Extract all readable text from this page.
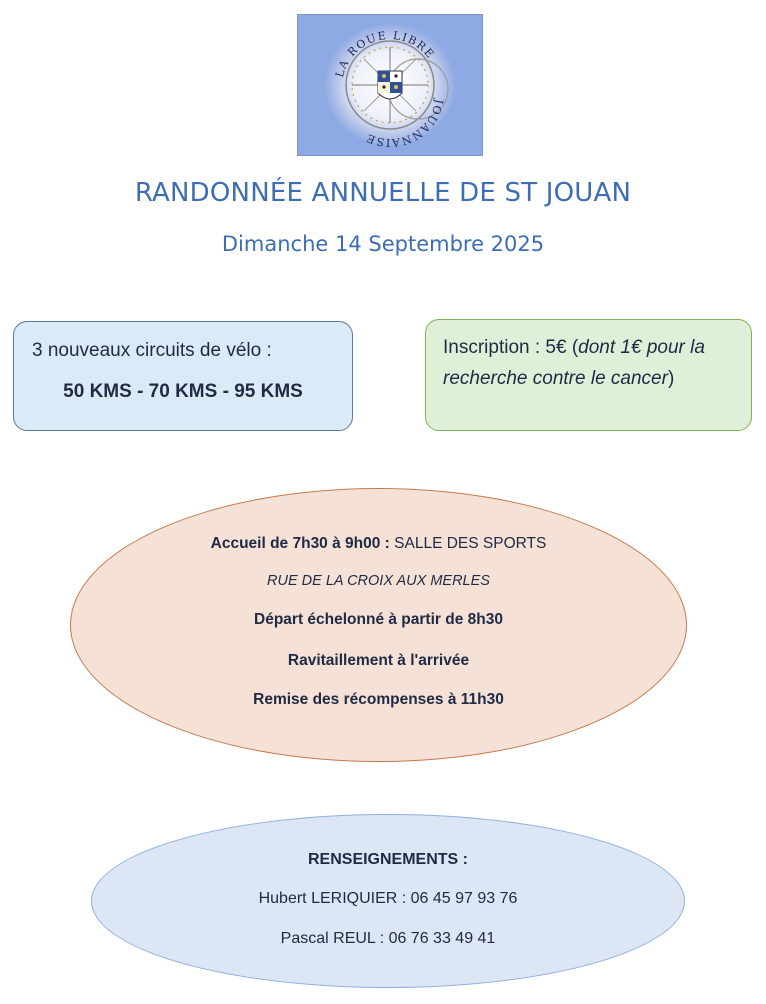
LA ROUE LIBRE
JOUANNAISE
RANDONNÉE ANNUELLE DE ST JOUAN
Dimanche 14 Septembre 2025
3 nouveaux circuits de vélo :
50 KMS - 70 KMS - 95 KMS
Inscription : 5€ (dont 1€ pour la recherche contre le cancer)
Accueil de 7h30 à 9h00 : SALLE DES SPORTS
RUE DE LA CROIX AUX MERLES
Départ échelonné à partir de 8h30
Ravitaillement à l'arrivée
Remise des récompenses à 11h30
RENSEIGNEMENTS :
Hubert LERIQUIER : 06 45 97 93 76
Pascal REUL : 06 76 33 49 41
